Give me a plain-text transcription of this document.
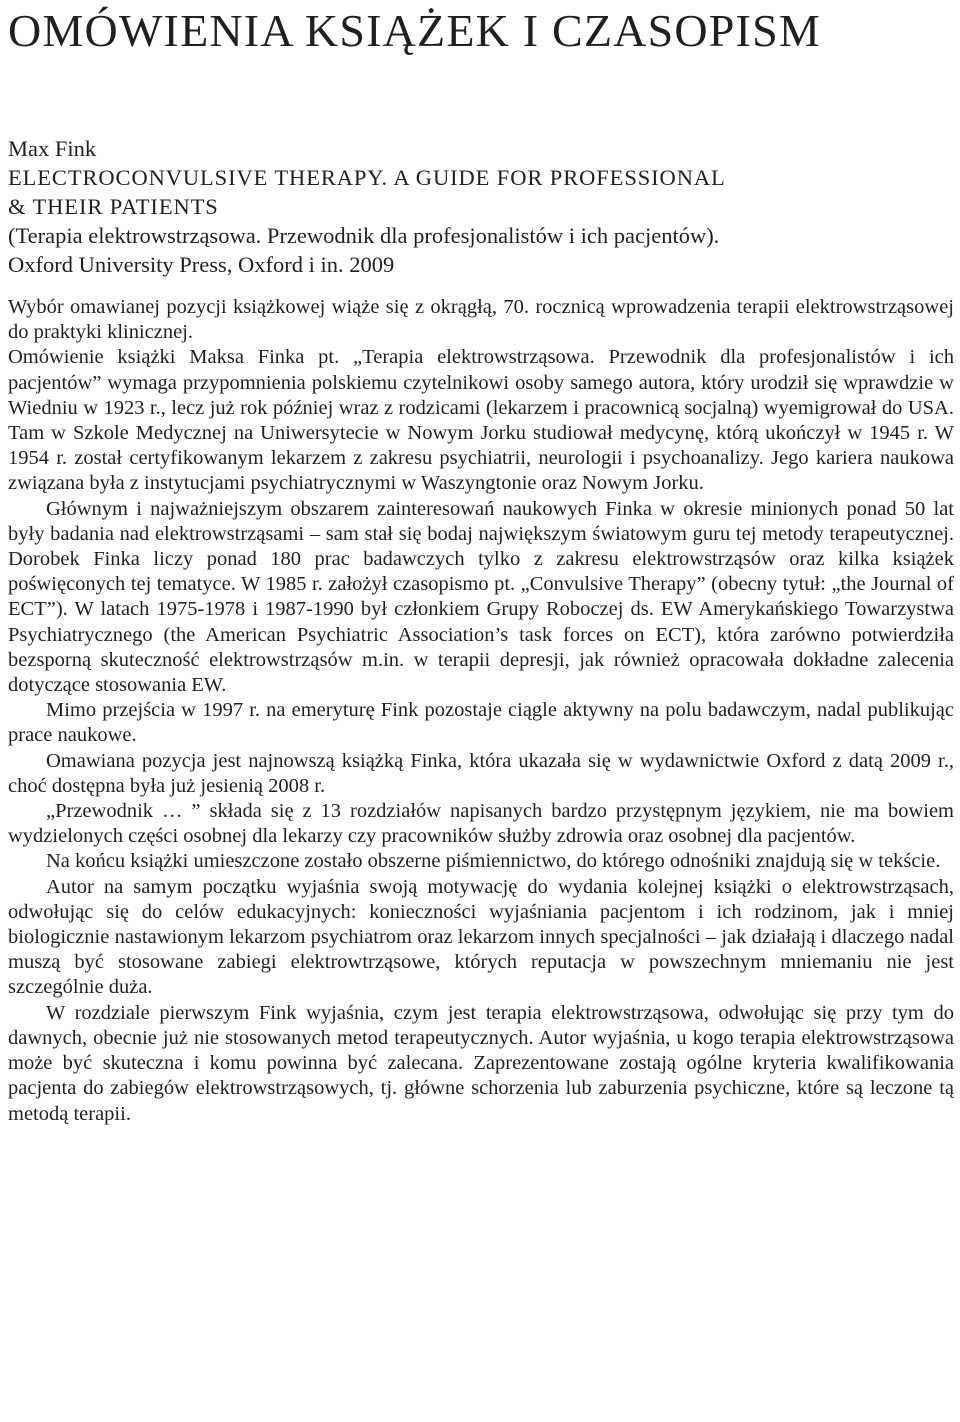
OMÓWIENIA KSIĄŻEK I CZASOPISM
Max Fink
ELECTROCONVULSIVE THERAPY. A GUIDE FOR PROFESSIONAL
& THEIR PATIENTS
(Terapia elektrowstrząsowa. Przewodnik dla profesjonalistów i ich pacjentów).
Oxford University Press, Oxford i in. 2009

Wybór omawianej pozycji książkowej wiąże się z okrągłą, 70. rocznicą wprowadzenia terapii elektrowstrząsowej do praktyki klinicznej.

Omówienie książki Maksa Finka pt. „Terapia elektrowstrząsowa. Przewodnik dla profesjonalistów i ich pacjentów” wymaga przypomnienia polskiemu czytelnikowi osoby samego autora, który urodził się wprawdzie w Wiedniu w 1923 r., lecz już rok później wraz z rodzicami (lekarzem i pracownicą socjalną) wyemigrował do USA. Tam w Szkole Medycznej na Uniwersytecie w Nowym Jorku studiował medycynę, którą ukończył w 1945 r. W 1954 r. został certyfikowanym lekarzem z zakresu psychiatrii, neurologii i psychoanalizy. Jego kariera naukowa związana była z instytucjami psychiatrycznymi w Waszyngtonie oraz Nowym Jorku.

Głównym i najważniejszym obszarem zainteresowań naukowych Finka w okresie minionych ponad 50 lat były badania nad elektrowstrząsami – sam stał się bodaj największym światowym guru tej metody terapeutycznej. Dorobek Finka liczy ponad 180 prac badawczych tylko z zakresu elektrowstrząsów oraz kilka książek poświęconych tej tematyce. W 1985 r. założył czasopismo pt. „Convulsive Therapy” (obecny tytuł: „the Journal of ECT”). W latach 1975-1978 i 1987-1990 był członkiem Grupy Roboczej ds. EW Amerykańskiego Towarzystwa Psychiatrycznego (the American Psychiatric Association’s task forces on ECT), która zarówno potwierdziła bezsporną skuteczność elektrowstrząsów m.in. w terapii depresji, jak również opracowała dokładne zalecenia dotyczące stosowania EW.

Mimo przejścia w 1997 r. na emeryturę Fink pozostaje ciągle aktywny na polu badawczym, nadal publikując prace naukowe.

Omawiana pozycja jest najnowszą książką Finka, która ukazała się w wydawnictwie Oxford z datą 2009 r., choć dostępna była już jesienią 2008 r.

„Przewodnik … ” składa się z 13 rozdziałów napisanych bardzo przystępnym językiem, nie ma bowiem wydzielonych części osobnej dla lekarzy czy pracowników służby zdrowia oraz osobnej dla pacjentów.

Na końcu książki umieszczone zostało obszerne piśmiennictwo, do którego odnośniki znajdują się w tekście.

Autor na samym początku wyjaśnia swoją motywację do wydania kolejnej książki o elektrowstrząsach, odwołując się do celów edukacyjnych: konieczności wyjaśniania pacjentom i ich rodzinom, jak i mniej biologicznie nastawionym lekarzom psychiatrom oraz lekarzom innych specjalności – jak działają i dlaczego nadal muszą być stosowane zabiegi elektrowtrząsowe, których reputacja w powszechnym mniemaniu nie jest szczególnie duża.

W rozdziale pierwszym Fink wyjaśnia, czym jest terapia elektrowstrząsowa, odwołując się przy tym do dawnych, obecnie już nie stosowanych metod terapeutycznych. Autor wyjaśnia, u kogo terapia elektrowstrząsowa może być skuteczna i komu powinna być zalecana. Zaprezentowane zostają ogólne kryteria kwalifikowania pacjenta do zabiegów elektrowstrząsowych, tj. główne schorzenia lub zaburzenia psychiczne, które są leczone tą metodą terapii.
